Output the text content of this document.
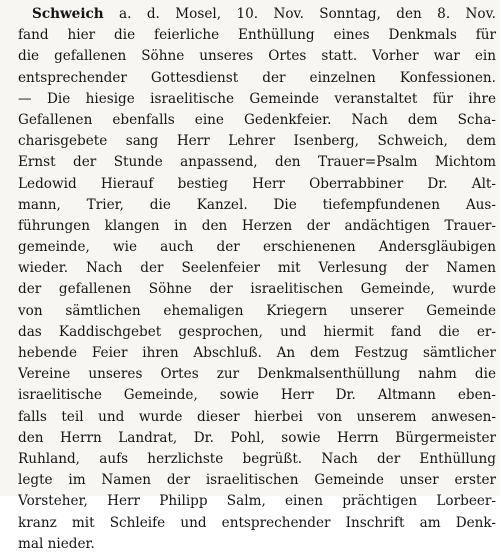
Schweich a. d. Mosel, 10. Nov. Sonntag, den 8. Nov.
fand hier die feierliche Enthüllung eines Denkmals für
die gefallenen Söhne unseres Ortes statt. Vorher war ein
entsprechender Gottesdienst der einzelnen Konfessionen.
— Die hiesige israelitische Gemeinde veranstaltet für ihre
Gefallenen ebenfalls eine Gedenkfeier. Nach dem Scha-
charisgebete sang Herr Lehrer Isenberg, Schweich, dem
Ernst der Stunde anpassend, den Trauer=Psalm Michtom
Ledowid Hierauf bestieg Herr Oberrabbiner Dr. Alt-
mann, Trier, die Kanzel. Die tiefempfundenen Aus-
führungen klangen in den Herzen der andächtigen Trauer-
gemeinde, wie auch der erschienenen Andersgläubigen
wieder. Nach der Seelenfeier mit Verlesung der Namen
der gefallenen Söhne der israelitischen Gemeinde, wurde
von sämtlichen ehemaligen Kriegern unserer Gemeinde
das Kaddischgebet gesprochen, und hiermit fand die er-
hebende Feier ihren Abschluß. An dem Festzug sämtlicher
Vereine unseres Ortes zur Denkmalsenthüllung nahm die
israelitische Gemeinde, sowie Herr Dr. Altmann eben-
falls teil und wurde dieser hierbei von unserem anwesen-
den Herrn Landrat, Dr. Pohl, sowie Herrn Bürgermeister
Ruhland, aufs herzlichste begrüßt. Nach der Enthüllung
legte im Namen der israelitischen Gemeinde unser erster
Vorsteher, Herr Philipp Salm, einen prächtigen Lorbeer-
kranz mit Schleife und entsprechender Inschrift am Denk-
mal nieder.
